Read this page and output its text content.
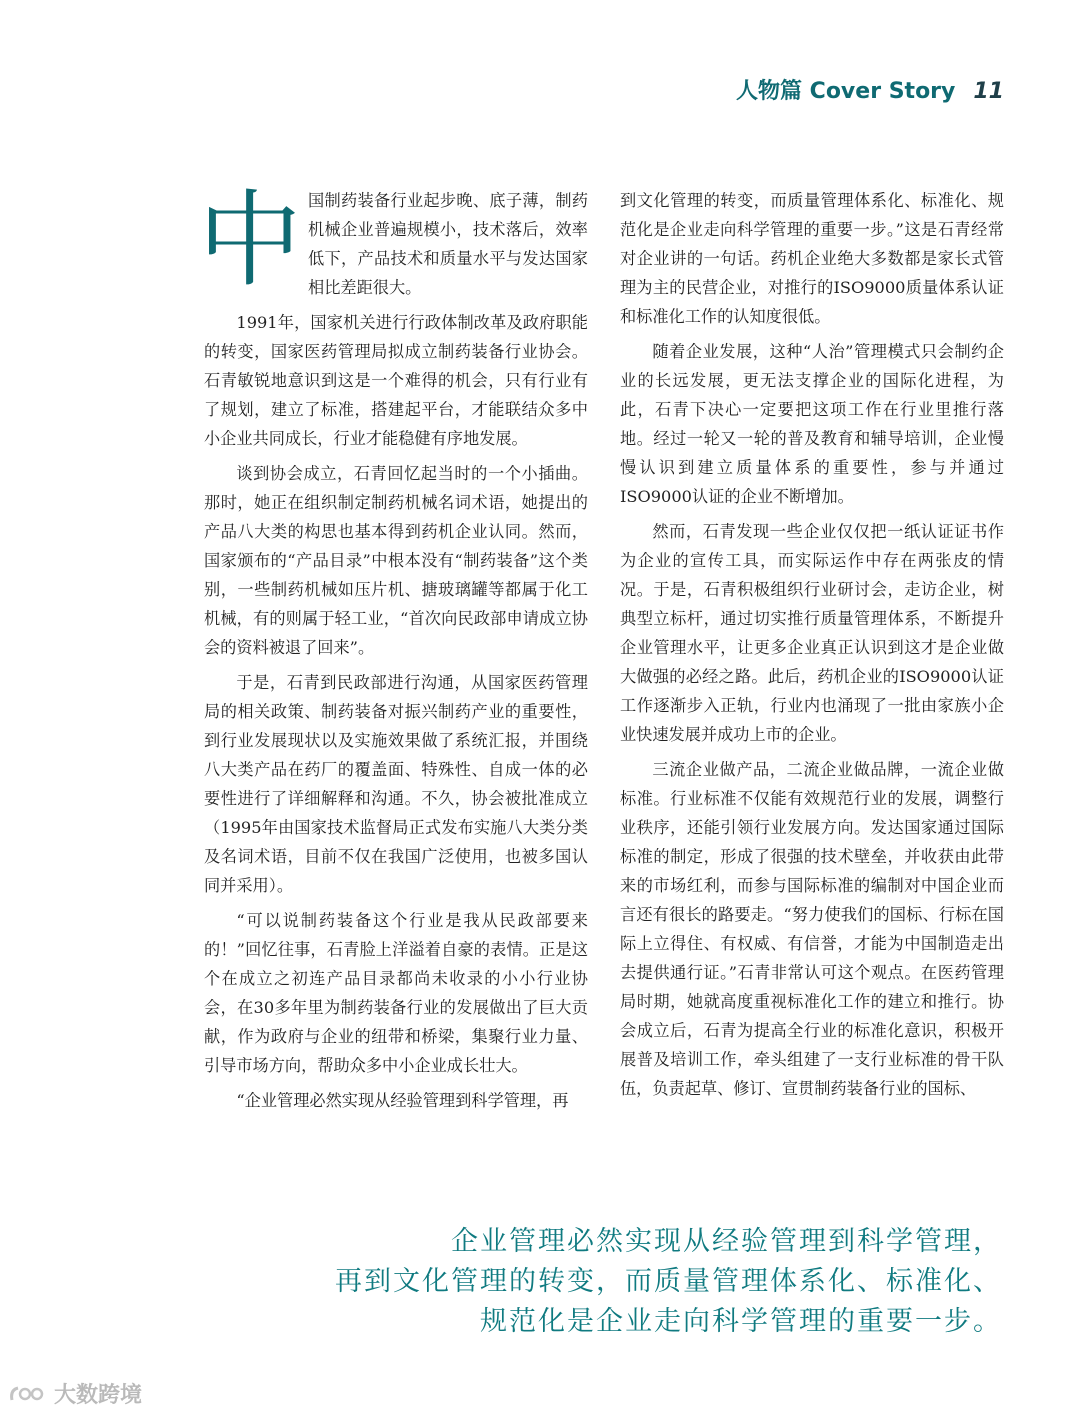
人物篇 Cover Story 11

中国制药装备行业起步晚、底子薄，制药机械企业普遍规模小，技术落后，效率低下，产品技术和质量水平与发达国家相比差距很大。

1991年，国家机关进行行政体制改革及政府职能的转变，国家医药管理局拟成立制药装备行业协会。石青敏锐地意识到这是一个难得的机会，只有行业有了规划，建立了标准，搭建起平台，才能联结众多中小企业共同成长，行业才能稳健有序地发展。

谈到协会成立，石青回忆起当时的一个小插曲。那时，她正在组织制定制药机械名词术语，她提出的产品八大类的构思也基本得到药机企业认同。然而，国家颁布的“产品目录”中根本没有“制药装备”这个类别，一些制药机械如压片机、搪玻璃罐等都属于化工机械，有的则属于轻工业，“首次向民政部申请成立协会的资料被退了回来”。

于是，石青到民政部进行沟通，从国家医药管理局的相关政策、制药装备对振兴制药产业的重要性，到行业发展现状以及实施效果做了系统汇报，并围绕八大类产品在药厂的覆盖面、特殊性、自成一体的必要性进行了详细解释和沟通。不久，协会被批准成立（1995年由国家技术监督局正式发布实施八大类分类及名词术语，目前不仅在我国广泛使用，也被多国认同并采用）。

“可以说制药装备这个行业是我从民政部要来的！”回忆往事，石青脸上洋溢着自豪的表情。正是这个在成立之初连产品目录都尚未收录的小小行业协会，在30多年里为制药装备行业的发展做出了巨大贡献，作为政府与企业的纽带和桥梁，集聚行业力量、引导市场方向，帮助众多中小企业成长壮大。

“企业管理必然实现从经验管理到科学管理，再

到文化管理的转变，而质量管理体系化、标准化、规范化是企业走向科学管理的重要一步。”这是石青经常对企业讲的一句话。药机企业绝大多数都是家长式管理为主的民营企业，对推行的ISO9000质量体系认证和标准化工作的认知度很低。

随着企业发展，这种“人治”管理模式只会制约企业的长远发展，更无法支撑企业的国际化进程，为此，石青下决心一定要把这项工作在行业里推行落地。经过一轮又一轮的普及教育和辅导培训，企业慢慢认识到建立质量体系的重要性，参与并通过ISO9000认证的企业不断增加。

然而，石青发现一些企业仅仅把一纸认证证书作为企业的宣传工具，而实际运作中存在两张皮的情况。于是，石青积极组织行业研讨会，走访企业，树典型立标杆，通过切实推行质量管理体系，不断提升企业管理水平，让更多企业真正认识到这才是企业做大做强的必经之路。此后，药机企业的ISO9000认证工作逐渐步入正轨，行业内也涌现了一批由家族小企业快速发展并成功上市的企业。

三流企业做产品，二流企业做品牌，一流企业做标准。行业标准不仅能有效规范行业的发展，调整行业秩序，还能引领行业发展方向。发达国家通过国际标准的制定，形成了很强的技术壁垒，并收获由此带来的市场红利，而参与国际标准的编制对中国企业而言还有很长的路要走。“努力使我们的国标、行标在国际上立得住、有权威、有信誉，才能为中国制造走出去提供通行证。”石青非常认可这个观点。在医药管理局时期，她就高度重视标准化工作的建立和推行。协会成立后，石青为提高全行业的标准化意识，积极开展普及培训工作，牵头组建了一支行业标准的骨干队伍，负责起草、修订、宣贯制药装备行业的国标、

企业管理必然实现从经验管理到科学管理，
再到文化管理的转变，而质量管理体系化、标准化、
规范化是企业走向科学管理的重要一步。
大数跨境
